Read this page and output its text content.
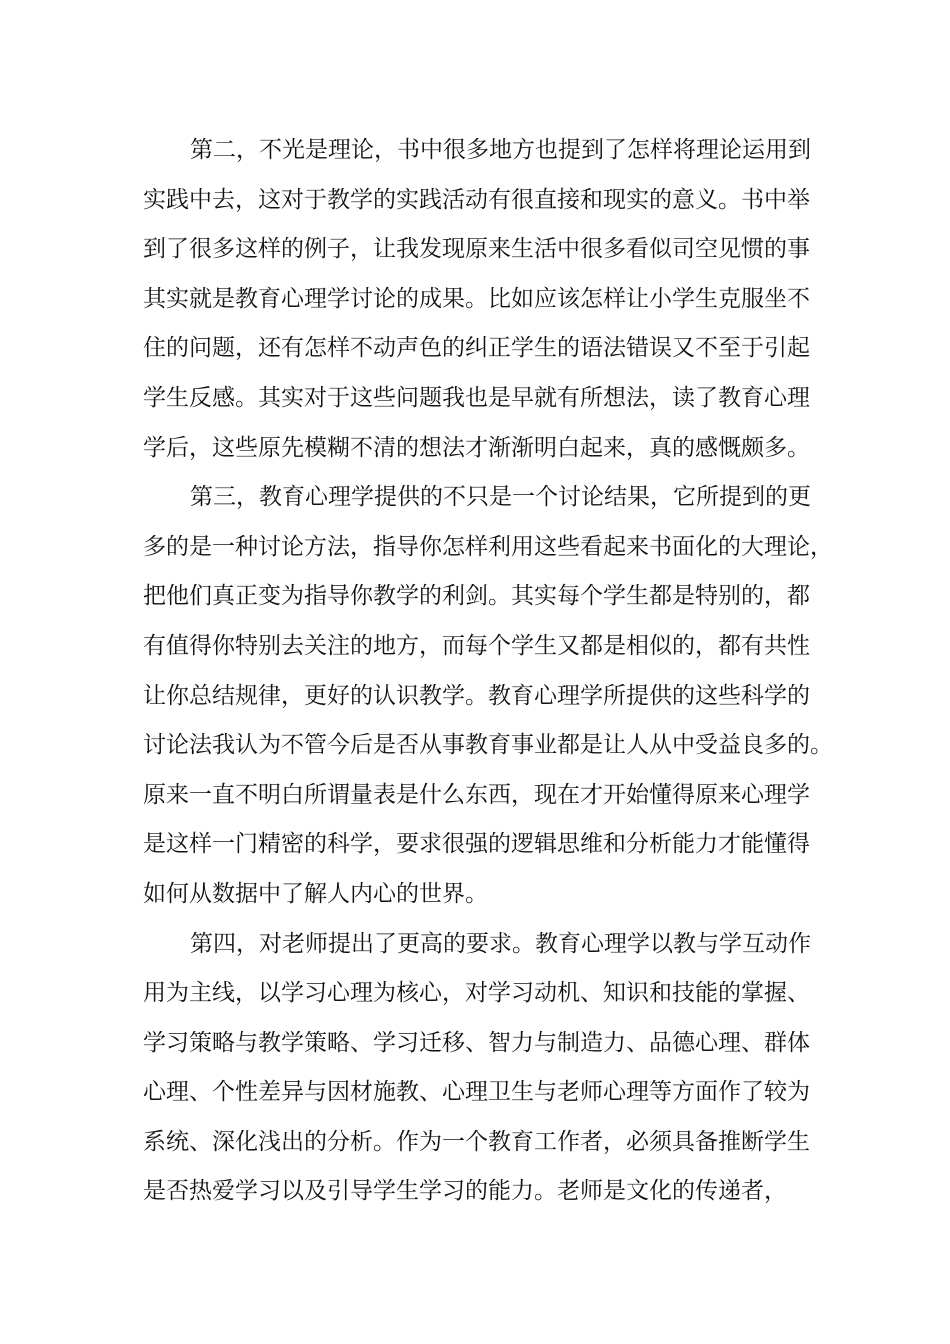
第二，不光是理论，书中很多地方也提到了怎样将理论运用到
实践中去，这对于教学的实践活动有很直接和现实的意义。书中举
到了很多这样的例子，让我发现原来生活中很多看似司空见惯的事
其实就是教育心理学讨论的成果。比如应该怎样让小学生克服坐不
住的问题，还有怎样不动声色的纠正学生的语法错误又不至于引起
学生反感。其实对于这些问题我也是早就有所想法，读了教育心理
学后，这些原先模糊不清的想法才渐渐明白起来，真的感慨颇多。
第三，教育心理学提供的不只是一个讨论结果，它所提到的更
多的是一种讨论方法，指导你怎样利用这些看起来书面化的大理论，
把他们真正变为指导你教学的利剑。其实每个学生都是特别的，都
有值得你特别去关注的地方，而每个学生又都是相似的，都有共性
让你总结规律，更好的认识教学。教育心理学所提供的这些科学的
讨论法我认为不管今后是否从事教育事业都是让人从中受益良多的。
原来一直不明白所谓量表是什么东西，现在才开始懂得原来心理学
是这样一门精密的科学，要求很强的逻辑思维和分析能力才能懂得
如何从数据中了解人内心的世界。
第四，对老师提出了更高的要求。教育心理学以教与学互动作
用为主线，以学习心理为核心，对学习动机、知识和技能的掌握、
学习策略与教学策略、学习迁移、智力与制造力、品德心理、群体
心理、个性差异与因材施教、心理卫生与老师心理等方面作了较为
系统、深化浅出的分析。作为一个教育工作者，必须具备推断学生
是否热爱学习以及引导学生学习的能力。老师是文化的传递者，
